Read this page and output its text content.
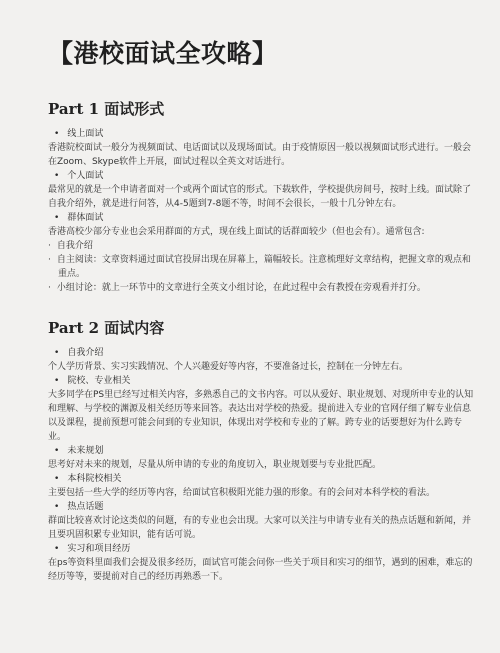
【港校面试全攻略】
Part 1 面试形式

• 线上面试

香港院校面试一般分为视频面试、电话面试以及现场面试。由于疫情原因一般以视频面试形式进行。一般会在Zoom、Skype软件上开展，面试过程以全英文对话进行。

• 个人面试

最常见的就是一个申请者面对一个或两个面试官的形式。下载软件，学校提供房间号，按时上线。面试除了自我介绍外，就是进行问答，从4-5题到7-8题不等，时间不会很长，一般十几分钟左右。

• 群体面试

香港高校少部分专业也会采用群面的方式，现在线上面试的话群面较少（但也会有）。通常包含:

· 自我介绍

· 自主阅读：文章资料通过面试官投屏出现在屏幕上，篇幅较长。注意梳理好文章结构，把握文章的观点和重点。

· 小组讨论：就上一环节中的文章进行全英文小组讨论，在此过程中会有教授在旁观看并打分。

Part 2 面试内容

• 自我介绍

个人学历背景、实习实践情况、个人兴趣爱好等内容，不要准备过长，控制在一分钟左右。

• 院校、专业相关

大多同学在PS里已经写过相关内容，多熟悉自己的文书内容。可以从爱好、职业规划、对现所申专业的认知和理解、与学校的渊源及相关经历等来回答。表达出对学校的热爱。提前进入专业的官网仔细了解专业信息以及课程，提前预想可能会问到的专业知识，体现出对学校和专业的了解。跨专业的话要想好为什么跨专业。

• 未来规划

思考好对未来的规划，尽量从所申请的专业的角度切入，职业规划要与专业批匹配。

• 本科院校相关

主要包括一些大学的经历等内容，给面试官积极阳光能力强的形象。有的会问对本科学校的看法。

• 热点话题

群面比较喜欢讨论这类似的问题，有的专业也会出现。大家可以关注与申请专业有关的热点话题和新闻，并且要巩固积累专业知识，能有话可说。

• 实习和项目经历

在ps等资料里面我们会提及很多经历，面试官可能会问你一些关于项目和实习的细节，遇到的困难，难忘的经历等等，要提前对自己的经历再熟悉一下。
